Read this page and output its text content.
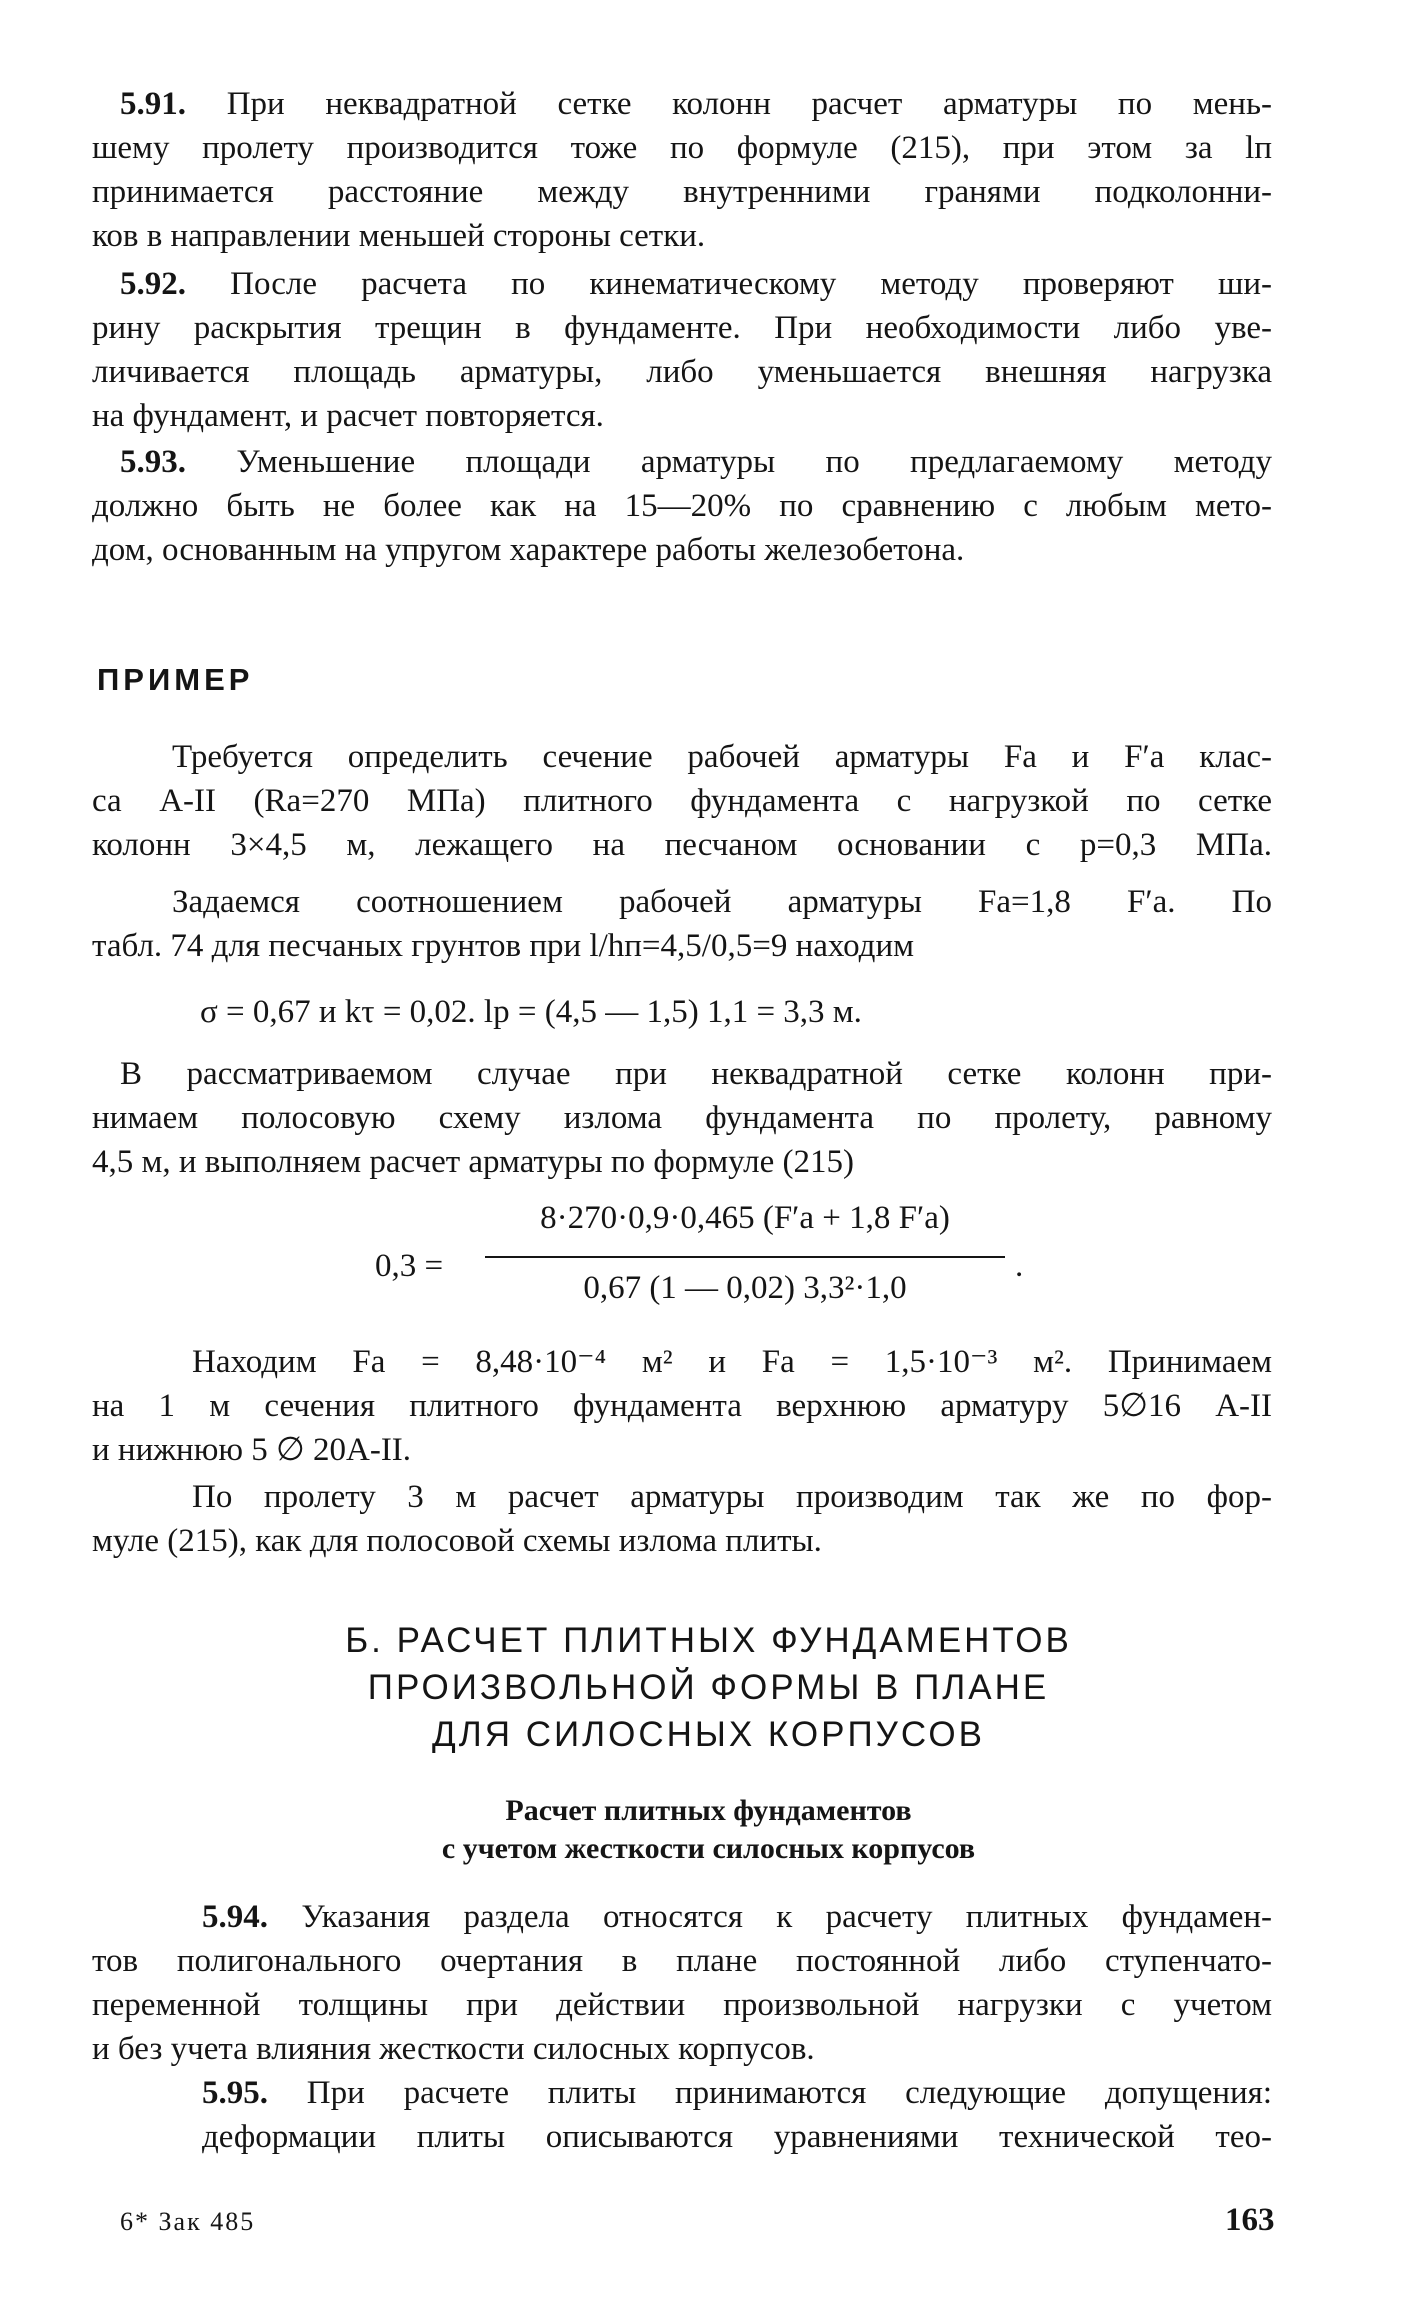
5.91. При неквадратной сетке колонн расчет арматуры по мень-
шему пролету производится тоже по формуле (215), при этом за lп
принимается расстояние между внутренними гранями подколонни-
ков в направлении меньшей стороны сетки.

5.92. После расчета по кинематическому методу проверяют ши-
рину раскрытия трещин в фундаменте. При необходимости либо уве-
личивается площадь арматуры, либо уменьшается внешняя нагрузка
на фундамент, и расчет повторяется.

5.93. Уменьшение площади арматуры по предлагаемому методу
должно быть не более как на 15—20% по сравнению с любым мето-
дом, основанным на упругом характере работы железобетона.

ПРИМЕР

Требуется определить сечение рабочей арматуры Fа и F′а клас-
са А-II (Rа=270 МПа) плитного фундамента с нагрузкой по сетке
колонн 3×4,5 м, лежащего на песчаном основании с p=0,3 МПа.

Задаемся соотношением рабочей арматуры Fа=1,8 F′а. По
табл. 74 для песчаных грунтов при l/hп=4,5/0,5=9 находим

σ = 0,67 и kτ = 0,02. lр = (4,5 — 1,5) 1,1 = 3,3 м.

В рассматриваемом случае при неквадратной сетке колонн при-
нимаем полосовую схему излома фундамента по пролету, равному
4,5 м, и выполняем расчет арматуры по формуле (215)

0,3 =
8·270·0,9·0,465 (F′а + 1,8 F′а)
0,67 (1 — 0,02) 3,3²·1,0
.

Находим Fа = 8,48·10⁻⁴ м² и Fа = 1,5·10⁻³ м². Принимаем
на 1 м сечения плитного фундамента верхнюю арматуру 5∅16 А-II
и нижнюю 5 ∅ 20А-II.

По пролету 3 м расчет арматуры производим так же по фор-
муле (215), как для полосовой схемы излома плиты.

Б. РАСЧЕТ ПЛИТНЫХ ФУНДАМЕНТОВ
ПРОИЗВОЛЬНОЙ ФОРМЫ В ПЛАНЕ
ДЛЯ СИЛОСНЫХ КОРПУСОВ
Расчет плитных фундаментов
с учетом жесткости силосных корпусов

5.94. Указания раздела относятся к расчету плитных фундамен-
тов полигонального очертания в плане постоянной либо ступенчато-
переменной толщины при действии произвольной нагрузки с учетом
и без учета влияния жесткости силосных корпусов.

5.95. При расчете плиты принимаются следующие допущения:
деформации плиты описываются уравнениями технической тео-

6* Зак 485	163
